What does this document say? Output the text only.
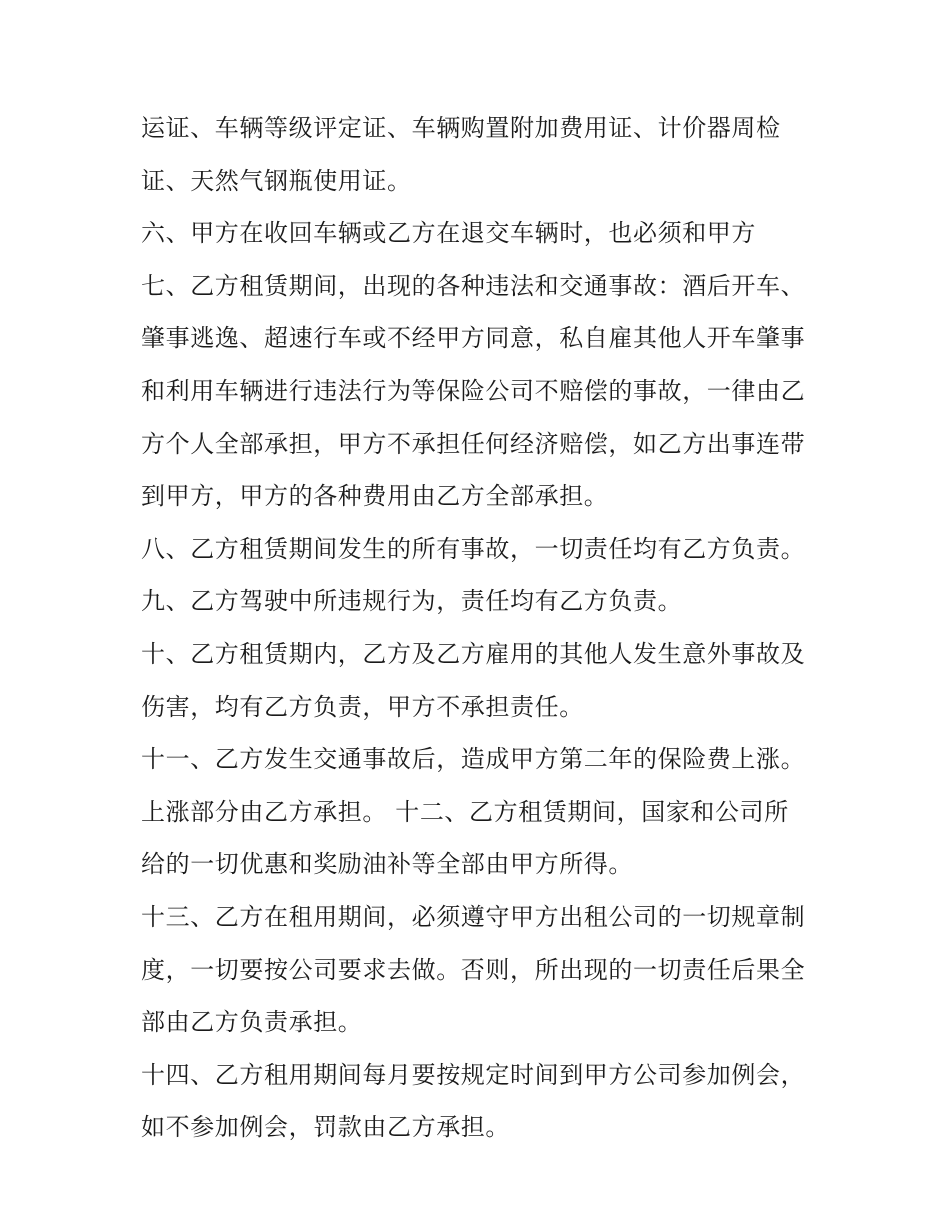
运证、车辆等级评定证、车辆购置附加费用证、计价器周检
证、天然气钢瓶使用证。
六、甲方在收回车辆或乙方在退交车辆时，也必须和甲方
七、乙方租赁期间，出现的各种违法和交通事故：酒后开车、
肇事逃逸、超速行车或不经甲方同意，私自雇其他人开车肇事
和利用车辆进行违法行为等保险公司不赔偿的事故，一律由乙
方个人全部承担，甲方不承担任何经济赔偿，如乙方出事连带
到甲方，甲方的各种费用由乙方全部承担。
八、乙方租赁期间发生的所有事故，一切责任均有乙方负责。
九、乙方驾驶中所违规行为，责任均有乙方负责。
十、乙方租赁期内，乙方及乙方雇用的其他人发生意外事故及
伤害，均有乙方负责，甲方不承担责任。
十一、乙方发生交通事故后，造成甲方第二年的保险费上涨。
上涨部分由乙方承担。 十二、乙方租赁期间，国家和公司所
给的一切优惠和奖励油补等全部由甲方所得。
十三、乙方在租用期间，必须遵守甲方出租公司的一切规章制
度，一切要按公司要求去做。否则，所出现的一切责任后果全
部由乙方负责承担。
十四、乙方租用期间每月要按规定时间到甲方公司参加例会，
如不参加例会，罚款由乙方承担。
